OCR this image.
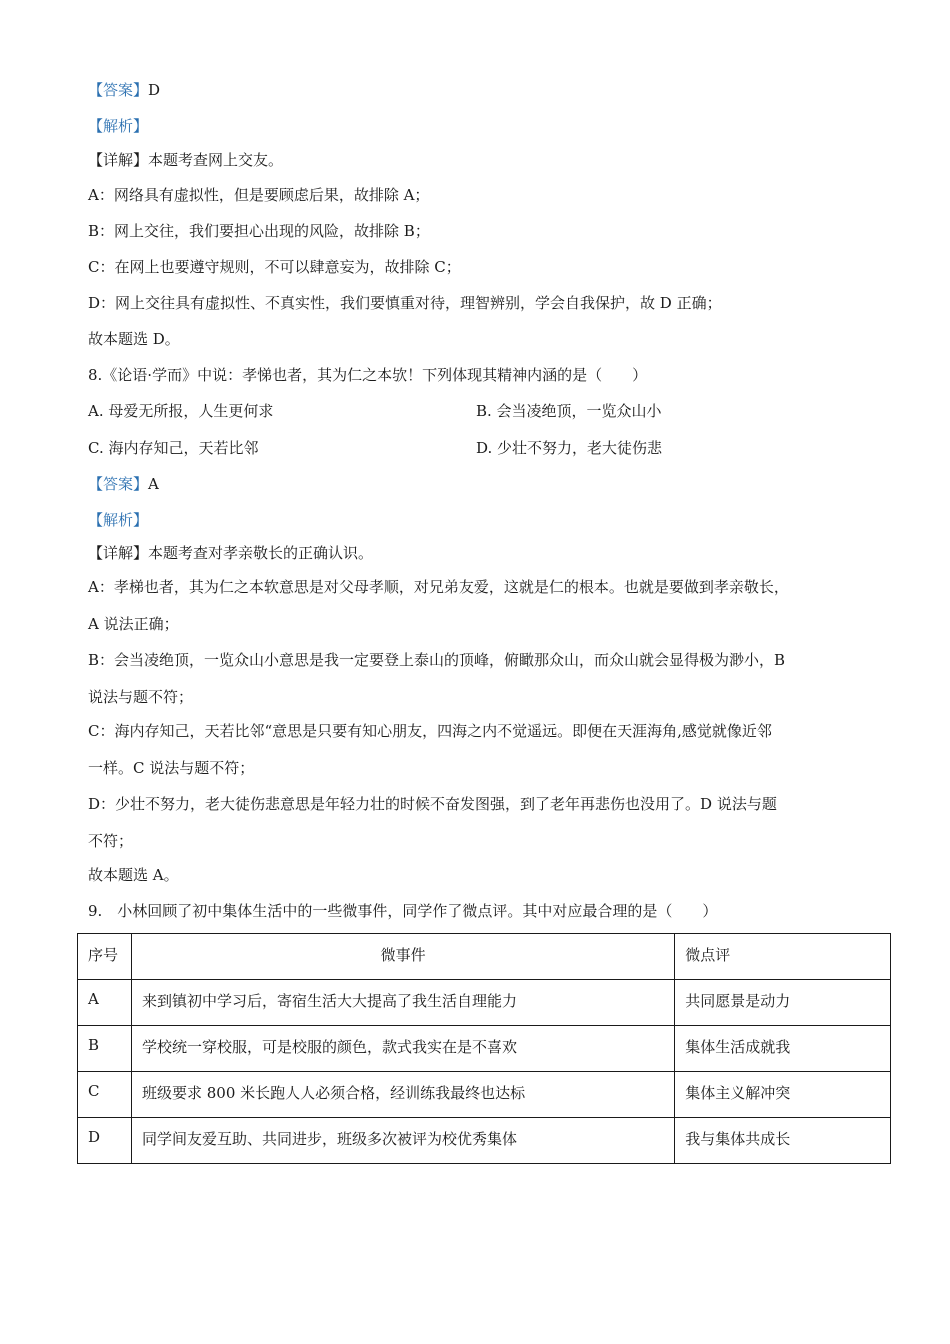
【答案】D
【解析】
【详解】本题考查网上交友。
A：网络具有虚拟性，但是要顾虑后果，故排除 A；
B：网上交往，我们要担心出现的风险，故排除 B；
C：在网上也要遵守规则，不可以肆意妄为，故排除 C；
D：网上交往具有虚拟性、不真实性，我们要慎重对待，理智辨别，学会自我保护，故 D 正确；
故本题选 D。
8.《论语·学而》中说：孝悌也者，其为仁之本欤！下列体现其精神内涵的是（　　）
A. 母爱无所报，人生更何求	B. 会当凌绝顶，一览众山小
C. 海内存知己，天若比邻	D. 少壮不努力，老大徒伤悲
【答案】A
【解析】
【详解】本题考查对孝亲敬长的正确认识。
A：孝梯也者，其为仁之本软意思是对父母孝顺，对兄弟友爱，这就是仁的根本。也就是要做到孝亲敬长，
A 说法正确；
B：会当凌绝顶，一览众山小意思是我一定要登上泰山的顶峰，俯瞰那众山，而众山就会显得极为渺小，B
说法与题不符；
C：海内存知己，天若比邻“意思是只要有知心朋友，四海之内不觉遥远。即便在天涯海角,感觉就像近邻
一样。C 说法与题不符；
D：少壮不努力，老大徒伤悲意思是年轻力壮的时候不奋发图强，到了老年再悲伤也没用了。D 说法与题
不符；
故本题选 A。
9.　小林回顾了初中集体生活中的一些微事件，同学作了微点评。其中对应最合理的是（　　）
序号	微事件	微点评
A	来到镇初中学习后，寄宿生活大大提高了我生活自理能力	共同愿景是动力
B	学校统一穿校服，可是校服的颜色，款式我实在是不喜欢	集体生活成就我
C	班级要求 800 米长跑人人必须合格，经训练我最终也达标	集体主义解冲突
D	同学间友爱互助、共同进步，班级多次被评为校优秀集体	我与集体共成长
